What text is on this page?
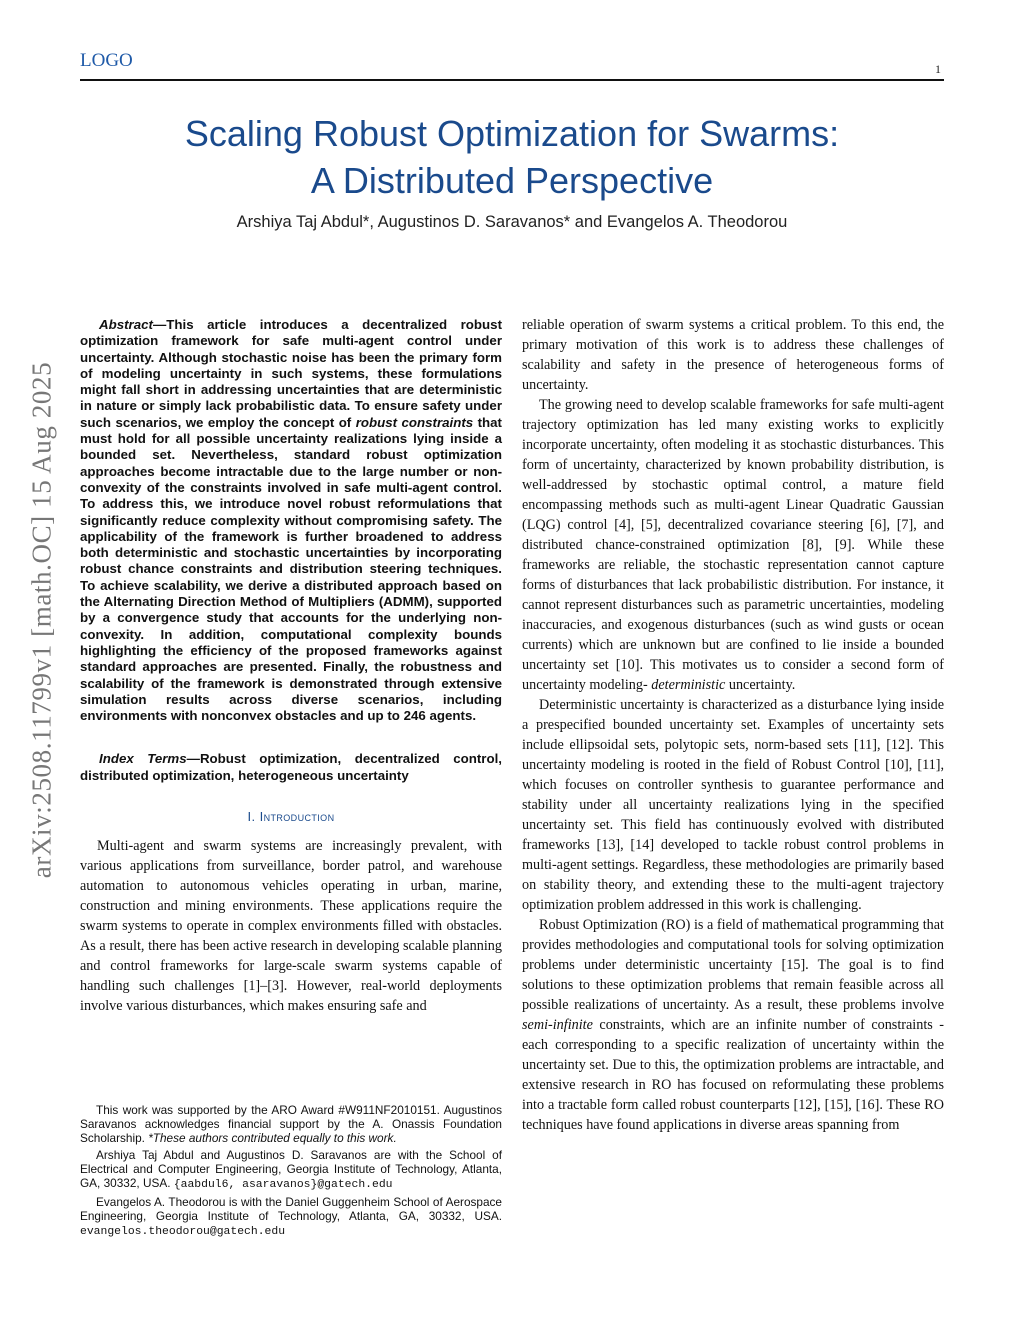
LOGO	1
Scaling Robust Optimization for Swarms:
A Distributed Perspective
Arshiya Taj Abdul*, Augustinos D. Saravanos* and Evangelos A. Theodorou
arXiv:2508.11799v1 [math.OC] 15 Aug 2025

Abstract—This article introduces a decentralized robust optimization framework for safe multi-agent control under uncertainty. Although stochastic noise has been the primary form of modeling uncertainty in such systems, these formulations might fall short in addressing uncertainties that are deterministic in nature or simply lack probabilistic data. To ensure safety under such scenarios, we employ the concept of robust constraints that must hold for all possible uncertainty realizations lying inside a bounded set. Nevertheless, standard robust optimization approaches become intractable due to the large number or non-convexity of the constraints involved in safe multi-agent control. To address this, we introduce novel robust reformulations that significantly reduce complexity without compromising safety. The applicability of the framework is further broadened to address both deterministic and stochastic uncertainties by incorporating robust chance constraints and distribution steering techniques. To achieve scalability, we derive a distributed approach based on the Alternating Direction Method of Multipliers (ADMM), supported by a convergence study that accounts for the underlying non-convexity. In addition, computational complexity bounds highlighting the efficiency of the proposed frameworks against standard approaches are presented. Finally, the robustness and scalability of the framework is demonstrated through extensive simulation results across diverse scenarios, including environments with nonconvex obstacles and up to 246 agents.

Index Terms—Robust optimization, decentralized control, distributed optimization, heterogeneous uncertainty

I. Introduction

Multi-agent and swarm systems are increasingly prevalent, with various applications from surveillance, border patrol, and warehouse automation to autonomous vehicles operating in urban, marine, construction and mining environments. These applications require the swarm systems to operate in complex environments filled with obstacles. As a result, there has been active research in developing scalable planning and control frameworks for large-scale swarm systems capable of handling such challenges [1]–[3]. However, real-world deployments involve various disturbances, which makes ensuring safe and

This work was supported by the ARO Award #W911NF2010151. Augustinos Saravanos acknowledges financial support by the A. Onassis Foundation Scholarship. *These authors contributed equally to this work.

Arshiya Taj Abdul and Augustinos D. Saravanos are with the School of Electrical and Computer Engineering, Georgia Institute of Technology, Atlanta, GA, 30332, USA. {aabdul6, asaravanos}@gatech.edu

Evangelos A. Theodorou is with the Daniel Guggenheim School of Aerospace Engineering, Georgia Institute of Technology, Atlanta, GA, 30332, USA. evangelos.theodorou@gatech.edu

reliable operation of swarm systems a critical problem. To this end, the primary motivation of this work is to address these challenges of scalability and safety in the presence of heterogeneous forms of uncertainty.

The growing need to develop scalable frameworks for safe multi-agent trajectory optimization has led many existing works to explicitly incorporate uncertainty, often modeling it as stochastic disturbances. This form of uncertainty, characterized by known probability distribution, is well-addressed by stochastic optimal control, a mature field encompassing methods such as multi-agent Linear Quadratic Gaussian (LQG) control [4], [5], decentralized covariance steering [6], [7], and distributed chance-constrained optimization [8], [9]. While these frameworks are reliable, the stochastic representation cannot capture forms of disturbances that lack probabilistic distribution. For instance, it cannot represent disturbances such as parametric uncertainties, modeling inaccuracies, and exogenous disturbances (such as wind gusts or ocean currents) which are unknown but are confined to lie inside a bounded uncertainty set [10]. This motivates us to consider a second form of uncertainty modeling- deterministic uncertainty.

Deterministic uncertainty is characterized as a disturbance lying inside a prespecified bounded uncertainty set. Examples of uncertainty sets include ellipsoidal sets, polytopic sets, norm-based sets [11], [12]. This uncertainty modeling is rooted in the field of Robust Control [10], [11], which focuses on controller synthesis to guarantee performance and stability under all uncertainty realizations lying in the specified uncertainty set. This field has continuously evolved with distributed frameworks [13], [14] developed to tackle robust control problems in multi-agent settings. Regardless, these methodologies are primarily based on stability theory, and extending these to the multi-agent trajectory optimization problem addressed in this work is challenging.

Robust Optimization (RO) is a field of mathematical programming that provides methodologies and computational tools for solving optimization problems under deterministic uncertainty [15]. The goal is to find solutions to these optimization problems that remain feasible across all possible realizations of uncertainty. As a result, these problems involve semi-infinite constraints, which are an infinite number of constraints - each corresponding to a specific realization of uncertainty within the uncertainty set. Due to this, the optimization problems are intractable, and extensive research in RO has focused on reformulating these problems into a tractable form called robust counterparts [12], [15], [16]. These RO techniques have found applications in diverse areas spanning from
